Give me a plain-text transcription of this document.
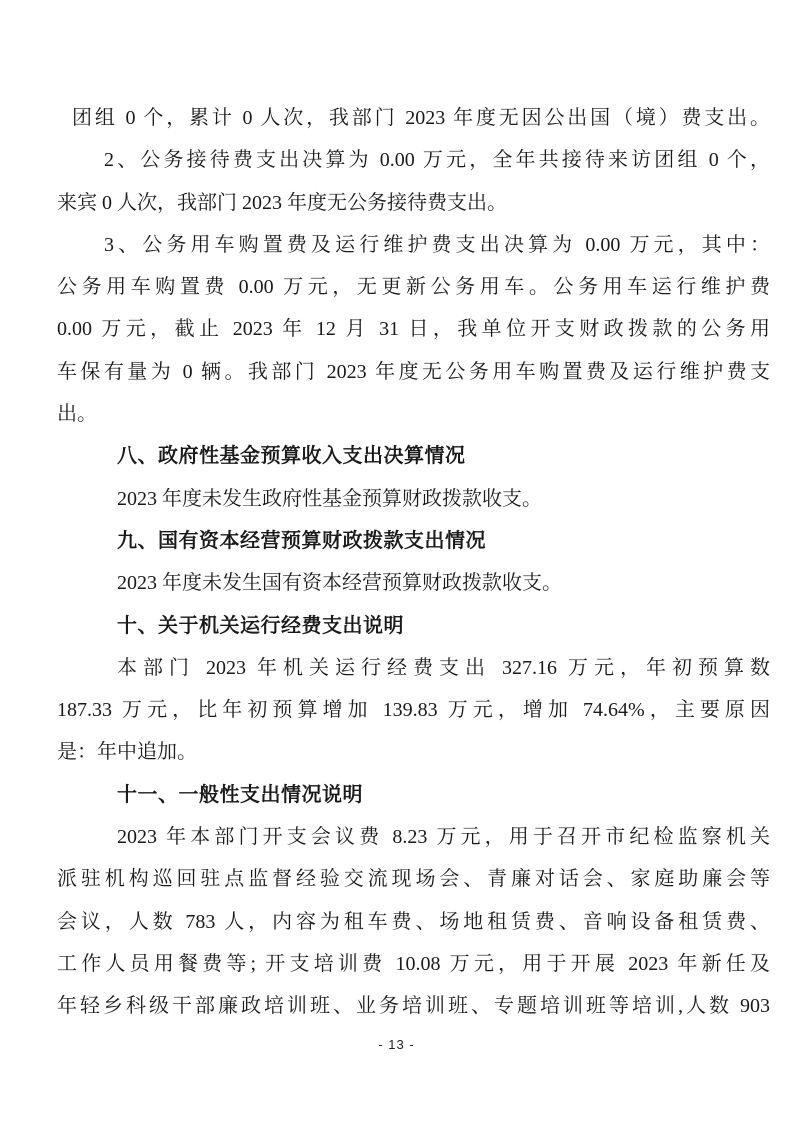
团组 0 个，累计 0 人次，我部门 2023 年度无因公出国（境）费支出。
2、公务接待费支出决算为 0.00 万元，全年共接待来访团组 0 个，
来宾 0 人次，我部门 2023 年度无公务接待费支出。
3、公务用车购置费及运行维护费支出决算为 0.00 万元，其中：
公务用车购置费 0.00 万元，无更新公务用车。公务用车运行维护费
0.00 万元，截止 2023 年 12 月 31 日，我单位开支财政拨款的公务用
车保有量为 0 辆。我部门 2023 年度无公务用车购置费及运行维护费支
出。
八、政府性基金预算收入支出决算情况
2023 年度未发生政府性基金预算财政拨款收支。
九、国有资本经营预算财政拨款支出情况
2023 年度未发生国有资本经营预算财政拨款收支。
十、关于机关运行经费支出说明
本部门 2023 年机关运行经费支出 327.16 万元，年初预算数
187.33 万元，比年初预算增加 139.83 万元，增加 74.64%，主要原因
是：年中追加。
十一、一般性支出情况说明
2023 年本部门开支会议费 8.23 万元，用于召开市纪检监察机关
派驻机构巡回驻点监督经验交流现场会、青廉对话会、家庭助廉会等
会议，人数 783 人，内容为租车费、场地租赁费、音响设备租赁费、
工作人员用餐费等; 开支培训费 10.08 万元，用于开展 2023 年新任及
年轻乡科级干部廉政培训班、业务培训班、专题培训班等培训,人数 903
- 13 -
